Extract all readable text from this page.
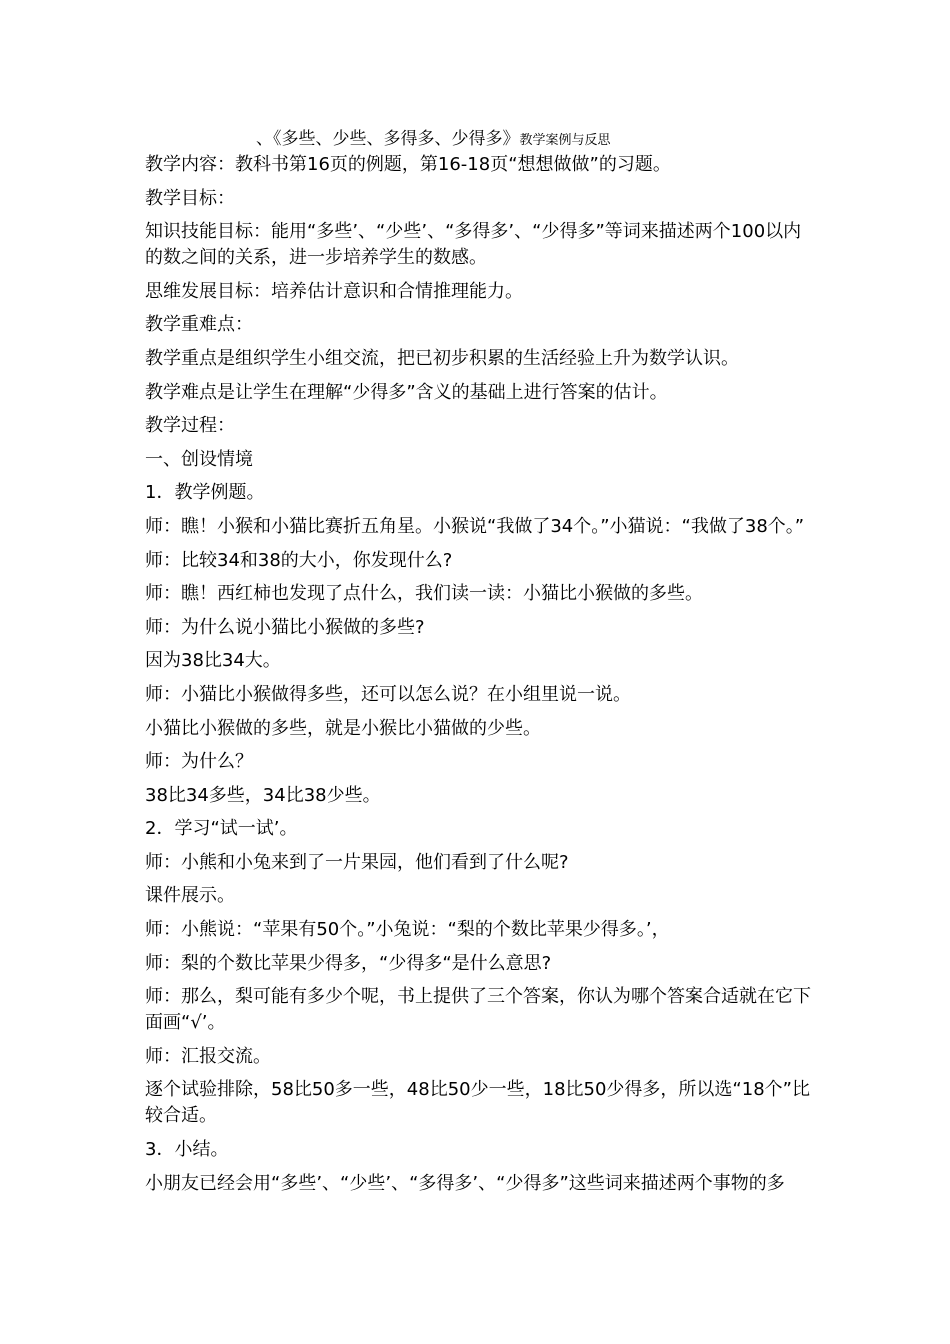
、《多些、少些、多得多、少得多》教学案例与反思

教学内容：教科书第16页的例题，第16-18页“想想做做”的习题。

教学目标：

知识技能目标：能用“多些’、“少些’、“多得多’、“少得多”等词来描述两个100以内的数之间的关系，进一步培养学生的数感。

思维发展目标：培养估计意识和合情推理能力。

教学重难点：

教学重点是组织学生小组交流，把已初步积累的生活经验上升为数学认识。

教学难点是让学生在理解“少得多”含义的基础上进行答案的估计。

教学过程：

一、创设情境

1．教学例题。

师：瞧！小猴和小猫比赛折五角星。小猴说“我做了34个。”小猫说：“我做了38个。”

师：比较34和38的大小，你发现什么?

师：瞧！西红柿也发现了点什么，我们读一读：小猫比小猴做的多些。

师：为什么说小猫比小猴做的多些?

因为38比34大。

师：小猫比小猴做得多些，还可以怎么说？在小组里说一说。

小猫比小猴做的多些，就是小猴比小猫做的少些。

师：为什么？

38比34多些，34比38少些。

2．学习“试一试’。

师：小熊和小兔来到了一片果园，他们看到了什么呢?

课件展示。

师：小熊说：“苹果有50个。”小兔说：“梨的个数比苹果少得多。’，

师：梨的个数比苹果少得多，“少得多“是什么意思?

师：那么，梨可能有多少个呢，书上提供了三个答案，你认为哪个答案合适就在它下面画“√’。

师：汇报交流。

逐个试验排除，58比50多一些，48比50少一些，18比50少得多，所以选“18个”比较合适。

3．小结。

小朋友已经会用“多些’、“少些’、“多得多’、“少得多”这些词来描述两个事物的多
